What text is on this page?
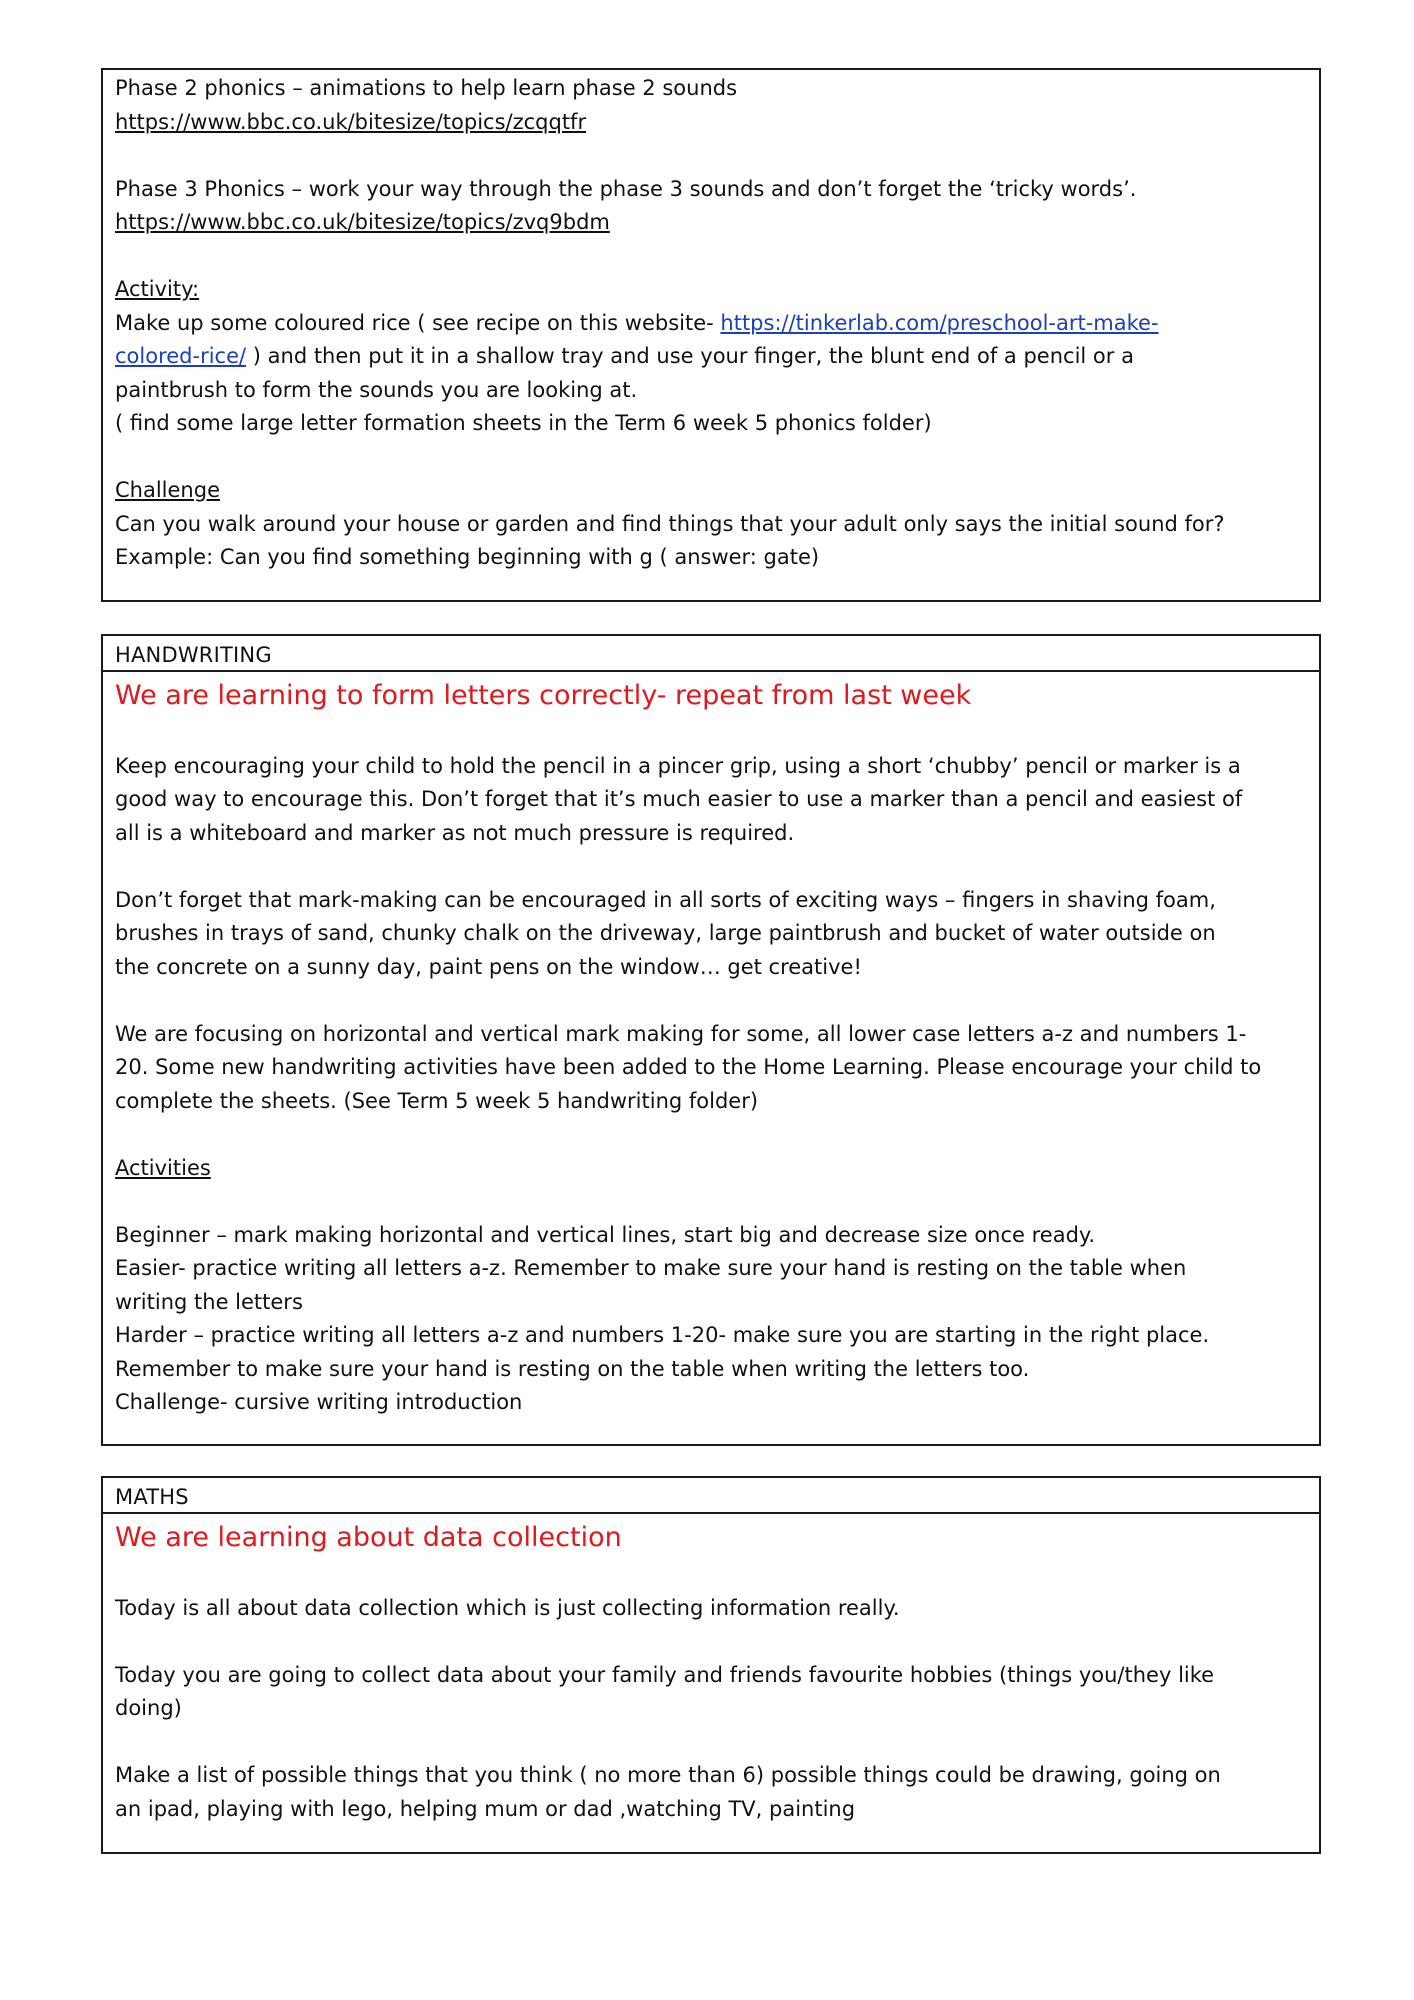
Phase 2 phonics – animations to help learn phase 2 sounds
https://www.bbc.co.uk/bitesize/topics/zcqqtfr
Phase 3 Phonics – work your way through the phase 3 sounds and don’t forget the ‘tricky words’.
https://www.bbc.co.uk/bitesize/topics/zvq9bdm
Activity:
Make up some coloured rice ( see recipe on this website- https://tinkerlab.com/preschool-art-make-
colored-rice/ ) and then put it in a shallow tray and use your finger, the blunt end of a pencil or a
paintbrush to form the sounds you are looking at.
( find some large letter formation sheets in the Term 6 week 5 phonics folder)
Challenge
Can you walk around your house or garden and find things that your adult only says the initial sound for?
Example: Can you find something beginning with g ( answer: gate)
HANDWRITING
We are learning to form letters correctly- repeat from last week
Keep encouraging your child to hold the pencil in a pincer grip, using a short ‘chubby’ pencil or marker is a
good way to encourage this. Don’t forget that it’s much easier to use a marker than a pencil and easiest of
all is a whiteboard and marker as not much pressure is required.
Don’t forget that mark-making can be encouraged in all sorts of exciting ways – fingers in shaving foam,
brushes in trays of sand, chunky chalk on the driveway, large paintbrush and bucket of water outside on
the concrete on a sunny day, paint pens on the window… get creative!
We are focusing on horizontal and vertical mark making for some, all lower case letters a-z and numbers 1-
20. Some new handwriting activities have been added to the Home Learning. Please encourage your child to
complete the sheets. (See Term 5 week 5 handwriting folder)
Activities
Beginner – mark making horizontal and vertical lines, start big and decrease size once ready.
Easier- practice writing all letters a-z. Remember to make sure your hand is resting on the table when
writing the letters
Harder – practice writing all letters a-z and numbers 1-20- make sure you are starting in the right place.
Remember to make sure your hand is resting on the table when writing the letters too.
Challenge- cursive writing introduction
MATHS
We are learning about data collection
Today is all about data collection which is just collecting information really.
Today you are going to collect data about your family and friends favourite hobbies (things you/they like
doing)
Make a list of possible things that you think ( no more than 6) possible things could be drawing, going on
an ipad, playing with lego, helping mum or dad ,watching TV, painting
